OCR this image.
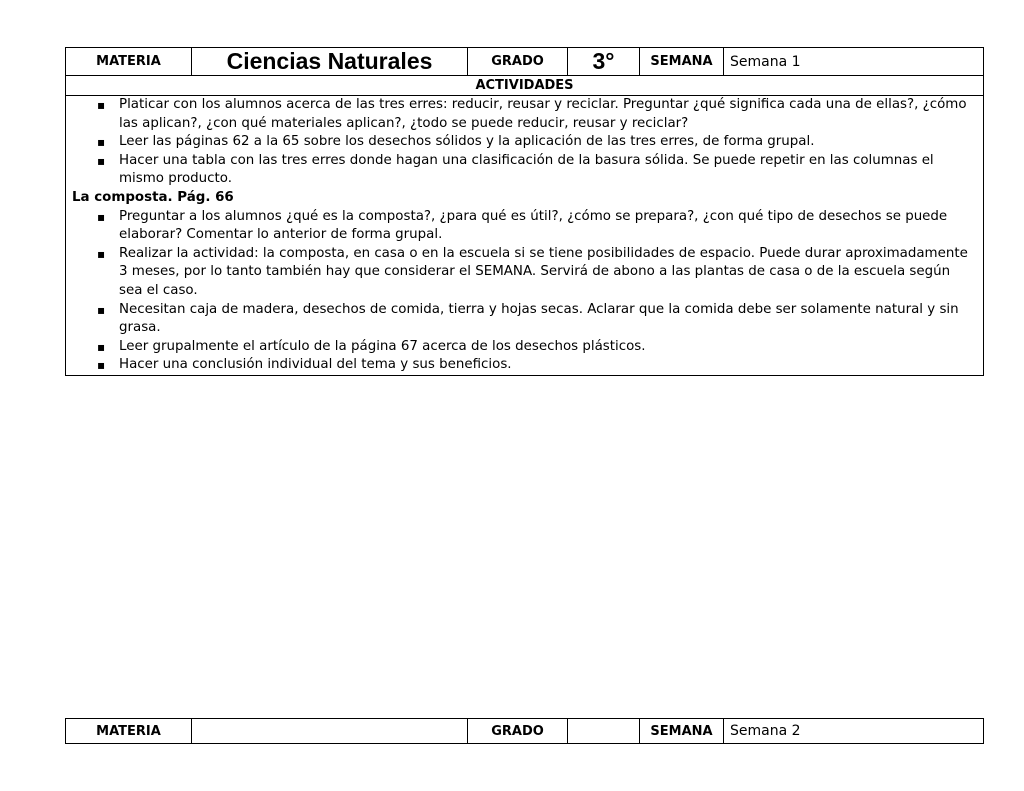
MATERIA	Ciencias Naturales	GRADO	3°	SEMANA	Semana 1
ACTIVIDADES

▪ Platicar con los alumnos acerca de las tres erres: reducir, reusar y reciclar. Preguntar ¿qué significa cada una de ellas?, ¿cómo las aplican?, ¿con qué materiales aplican?, ¿todo se puede reducir, reusar y reciclar?
▪ Leer las páginas 62 a la 65 sobre los desechos sólidos y la aplicación de las tres erres, de forma grupal.
▪ Hacer una tabla con las tres erres donde hagan una clasificación de la basura sólida. Se puede repetir en las columnas el mismo producto.

La composta. Pág. 66

▪ Preguntar a los alumnos ¿qué es la composta?, ¿para qué es útil?, ¿cómo se prepara?, ¿con qué tipo de desechos se puede elaborar? Comentar lo anterior de forma grupal.
▪ Realizar la actividad: la composta, en casa o en la escuela si se tiene posibilidades de espacio. Puede durar aproximadamente 3 meses, por lo tanto también hay que considerar el SEMANA. Servirá de abono a las plantas de casa o de la escuela según sea el caso.
▪ Necesitan caja de madera, desechos de comida, tierra y hojas secas. Aclarar que la comida debe ser solamente natural y sin grasa.
▪ Leer grupalmente el artículo de la página 67 acerca de los desechos plásticos.
▪ Hacer una conclusión individual del tema y sus beneficios.
MATERIA		GRADO		SEMANA	Semana 2
